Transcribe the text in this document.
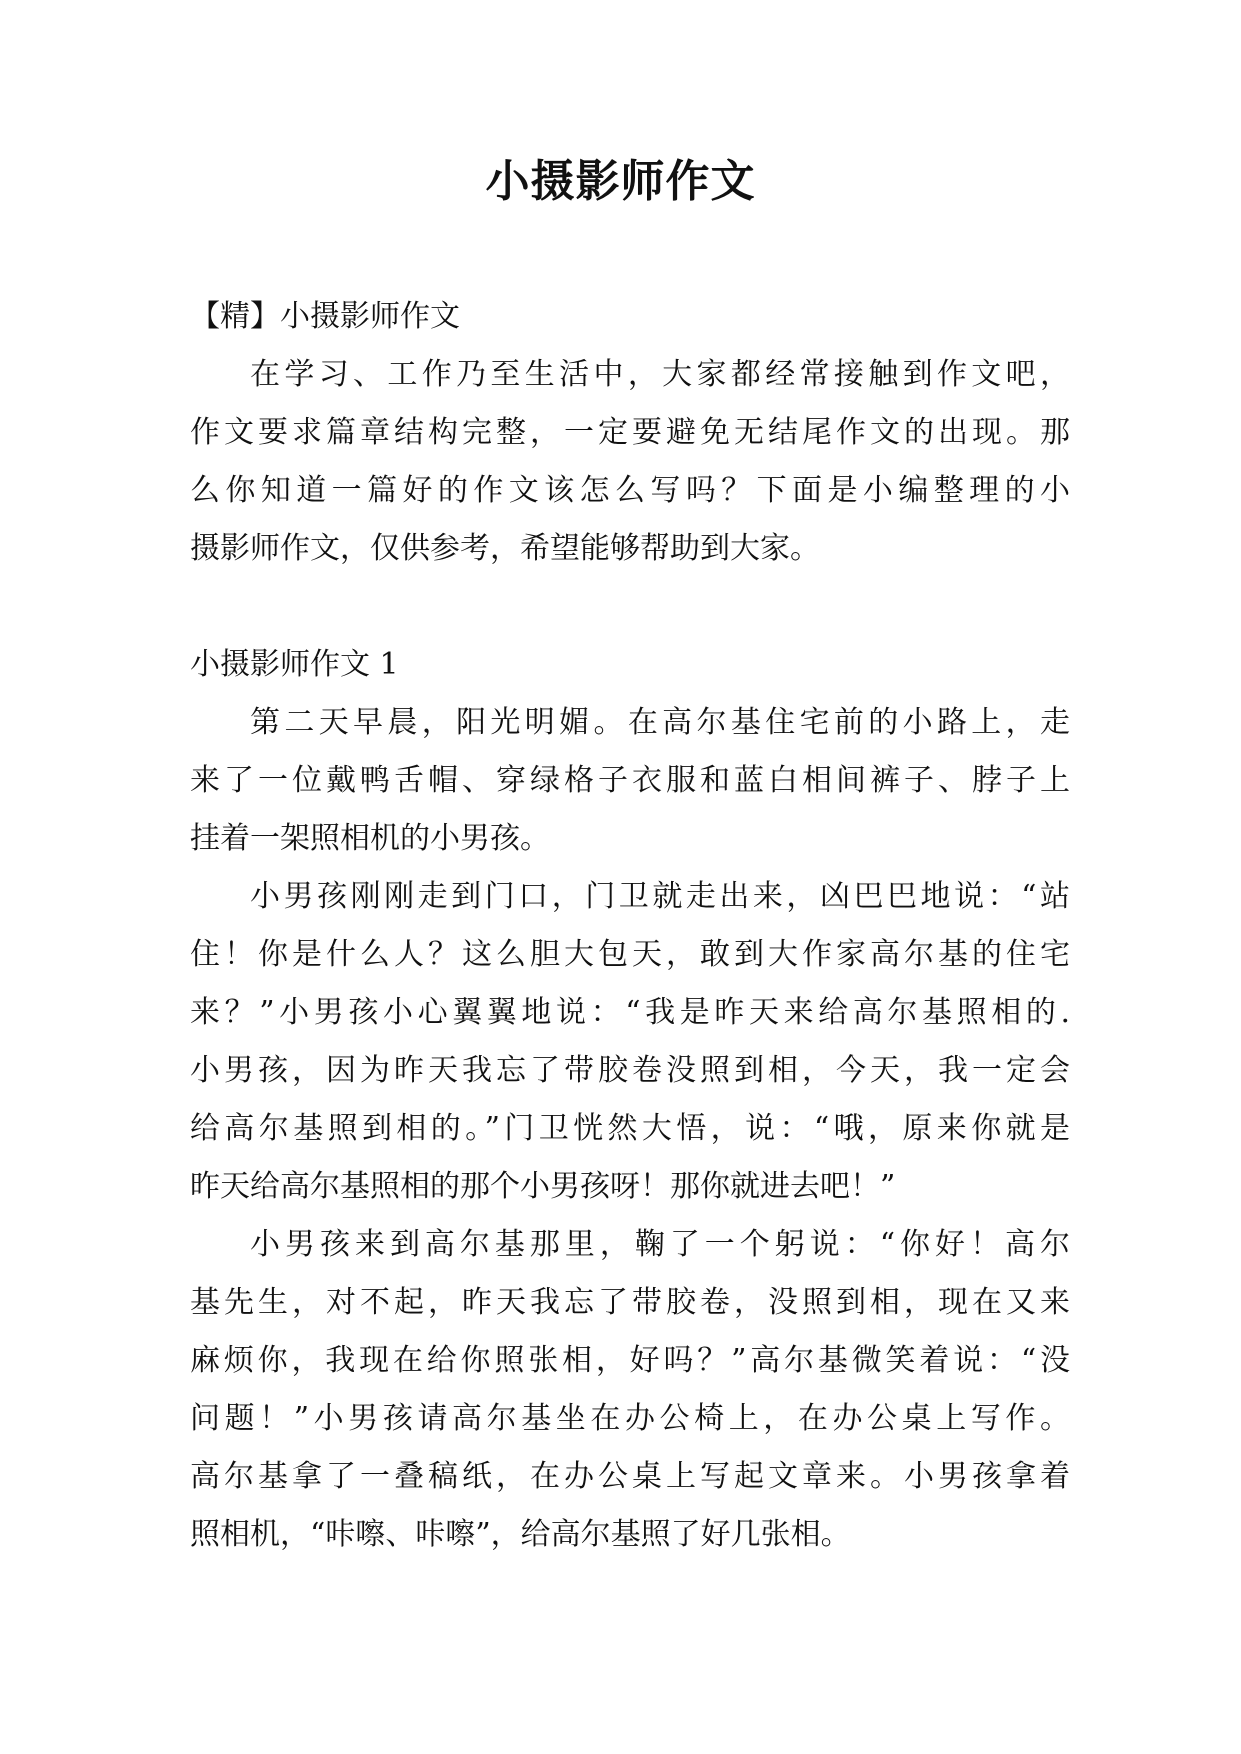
小摄影师作文
【精】小摄影师作文
在学习、工作乃至生活中，大家都经常接触到作文吧，
作文要求篇章结构完整，一定要避免无结尾作文的出现。那
么你知道一篇好的作文该怎么写吗？下面是小编整理的小
摄影师作文，仅供参考，希望能够帮助到大家。
小摄影师作文 1
第二天早晨，阳光明媚。在高尔基住宅前的小路上，走
来了一位戴鸭舌帽、穿绿格子衣服和蓝白相间裤子、脖子上
挂着一架照相机的小男孩。
小男孩刚刚走到门口，门卫就走出来，凶巴巴地说：“站
住！你是什么人？这么胆大包天，敢到大作家高尔基的住宅
来？”小男孩小心翼翼地说：“我是昨天来给高尔基照相的.
小男孩，因为昨天我忘了带胶卷没照到相，今天，我一定会
给高尔基照到相的。”门卫恍然大悟，说：“哦，原来你就是
昨天给高尔基照相的那个小男孩呀！那你就进去吧！”
小男孩来到高尔基那里，鞠了一个躬说：“你好！高尔
基先生，对不起，昨天我忘了带胶卷，没照到相，现在又来
麻烦你，我现在给你照张相，好吗？”高尔基微笑着说：“没
问题！”小男孩请高尔基坐在办公椅上，在办公桌上写作。
高尔基拿了一叠稿纸，在办公桌上写起文章来。小男孩拿着
照相机，“咔嚓、咔嚓”，给高尔基照了好几张相。
